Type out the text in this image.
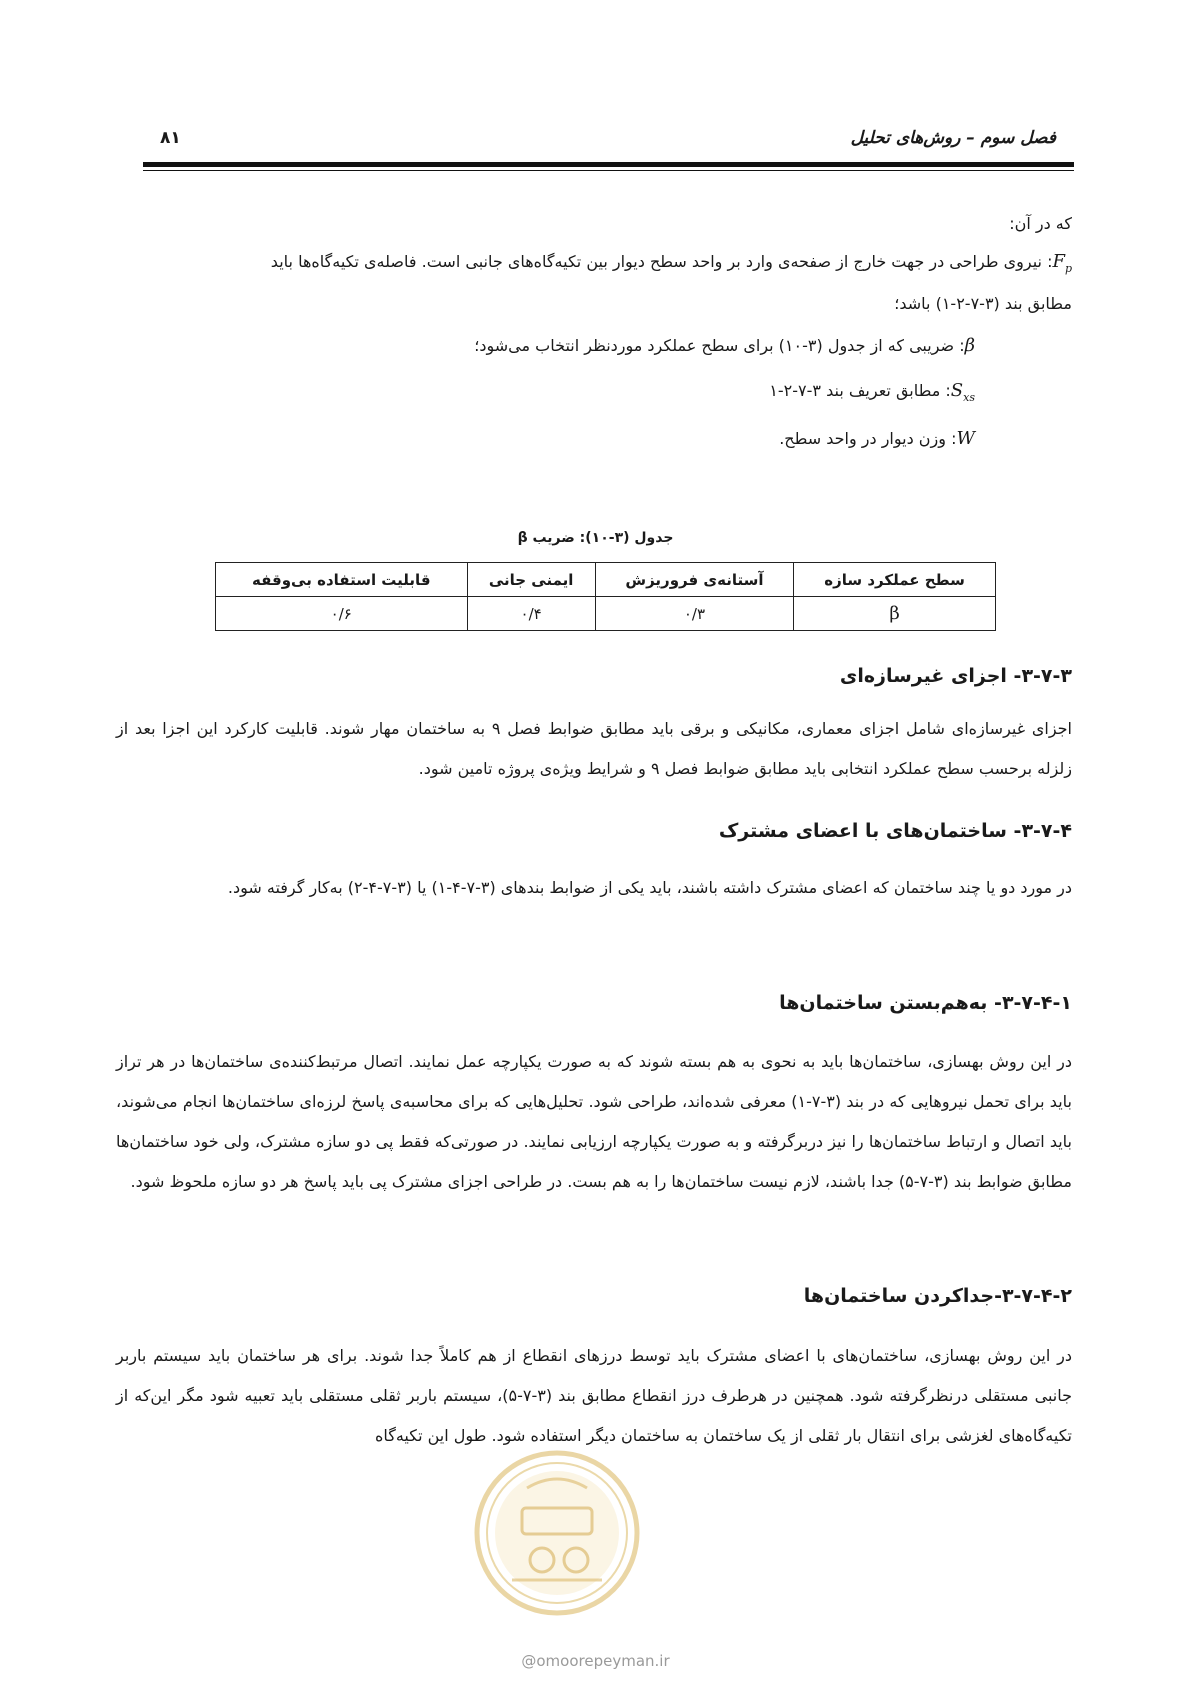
فصل سوم – روش‌های تحلیل
۸۱
که در آن:
$F_p$: نیروی طراحی در جهت خارج از صفحه‌ی وارد بر واحد سطح دیوار بین تکیه‌گاه‌های جانبی است. فاصله‌ی تکیه‌گاه‌ها باید
مطابق بند (۳-۷-۲-۱) باشد؛
β: ضریبی که از جدول (۳-۱۰) برای سطح عملکرد موردنظر انتخاب می‌شود؛
$S_{xs}$: مطابق تعریف بند ۳-۷-۲-۱
W: وزن دیوار در واحد سطح.
جدول (۳-۱۰): ضریب β
سطح عملکرد سازه	آستانه‌ی فروریزش	ایمنی جانی	قابلیت استفاده بی‌وقفه
β	۰/۳	۰/۴	۰/۶
۳-۷-۳- اجزای غیرسازه‌ای
اجزای غیرسازه‌ای شامل اجزای معماری، مکانیکی و برقی باید مطابق ضوابط فصل ۹ به ساختمان مهار شوند. قابلیت کارکرد این اجزا بعد از زلزله برحسب سطح عملکرد انتخابی باید مطابق ضوابط فصل ۹ و شرایط ویژه‌ی پروژه تامین شود.
۳-۷-۴- ساختمان‌های با اعضای مشترک
در مورد دو یا چند ساختمان که اعضای مشترک داشته باشند، باید یکی از ضوابط بندهای (۳-۷-۴-۱) یا (۳-۷-۴-۲) به‌کار گرفته شود.
۳-۷-۴-۱- به‌هم‌بستن ساختمان‌ها
در این روش بهسازی، ساختمان‌ها باید به نحوی به هم بسته شوند که به صورت یکپارچه عمل نمایند. اتصال مرتبط‌کننده‌ی ساختمان‌ها در هر تراز باید برای تحمل نیروهایی که در بند (۳-۷-۱) معرفی شده‌اند، طراحی شود. تحلیل‌هایی که برای محاسبه‌ی پاسخ لرزه‌ای ساختمان‌ها انجام می‌شوند، باید اتصال و ارتباط ساختمان‌ها را نیز دربرگرفته و به صورت یکپارچه ارزیابی نمایند. در صورتی‌که فقط پی دو سازه مشترک، ولی خود ساختمان‌ها مطابق ضوابط بند (۳-۷-۵) جدا باشند، لازم نیست ساختمان‌ها را به هم بست. در طراحی اجزای مشترک پی باید پاسخ هر دو سازه ملحوظ شود.
۳-۷-۴-۲-جداکردن ساختمان‌ها
در این روش بهسازی، ساختمان‌های با اعضای مشترک باید توسط درزهای انقطاع از هم کاملاً جدا شوند. برای هر ساختمان باید سیستم باربر جانبی مستقلی درنظرگرفته شود. همچنین در هرطرف درز انقطاع مطابق بند (۳-۷-۵)، سیستم باربر ثقلی مستقلی باید تعبیه شود مگر این‌که از تکیه‌گاه‌های لغزشی برای انتقال بار ثقلی از یک ساختمان به ساختمان دیگر استفاده شود. طول این تکیه‌گاه
@omoorepeyman.ir
